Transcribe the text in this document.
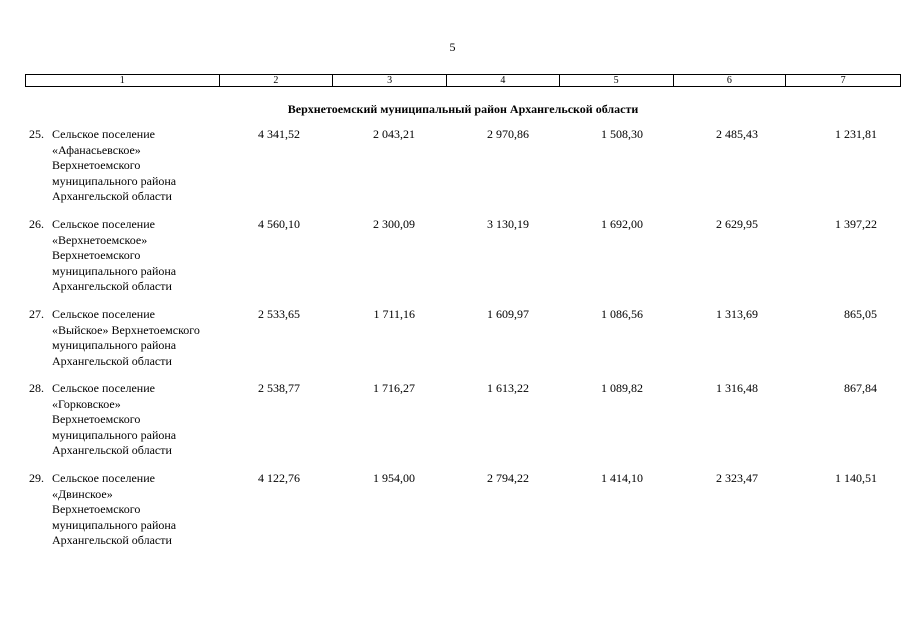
5
1	2	3	4	5	6	7
Верхнетоемский муниципальный район Архангельской области
25. Сельское поселение
«Афанасьевское»
Верхнетоемского
муниципального района
Архангельской области
4 341,52	2 043,21	2 970,86	1 508,30	2 485,43	1 231,81
26. Сельское поселение
«Верхнетоемское»
Верхнетоемского
муниципального района
Архангельской области
4 560,10	2 300,09	3 130,19	1 692,00	2 629,95	1 397,22
27. Сельское поселение
«Выйское» Верхнетоемского
муниципального района
Архангельской области
2 533,65	1 711,16	1 609,97	1 086,56	1 313,69	865,05
28. Сельское поселение
«Горковское»
Верхнетоемского
муниципального района
Архангельской области
2 538,77	1 716,27	1 613,22	1 089,82	1 316,48	867,84
29. Сельское поселение
«Двинское»
Верхнетоемского
муниципального района
Архангельской области
4 122,76	1 954,00	2 794,22	1 414,10	2 323,47	1 140,51
